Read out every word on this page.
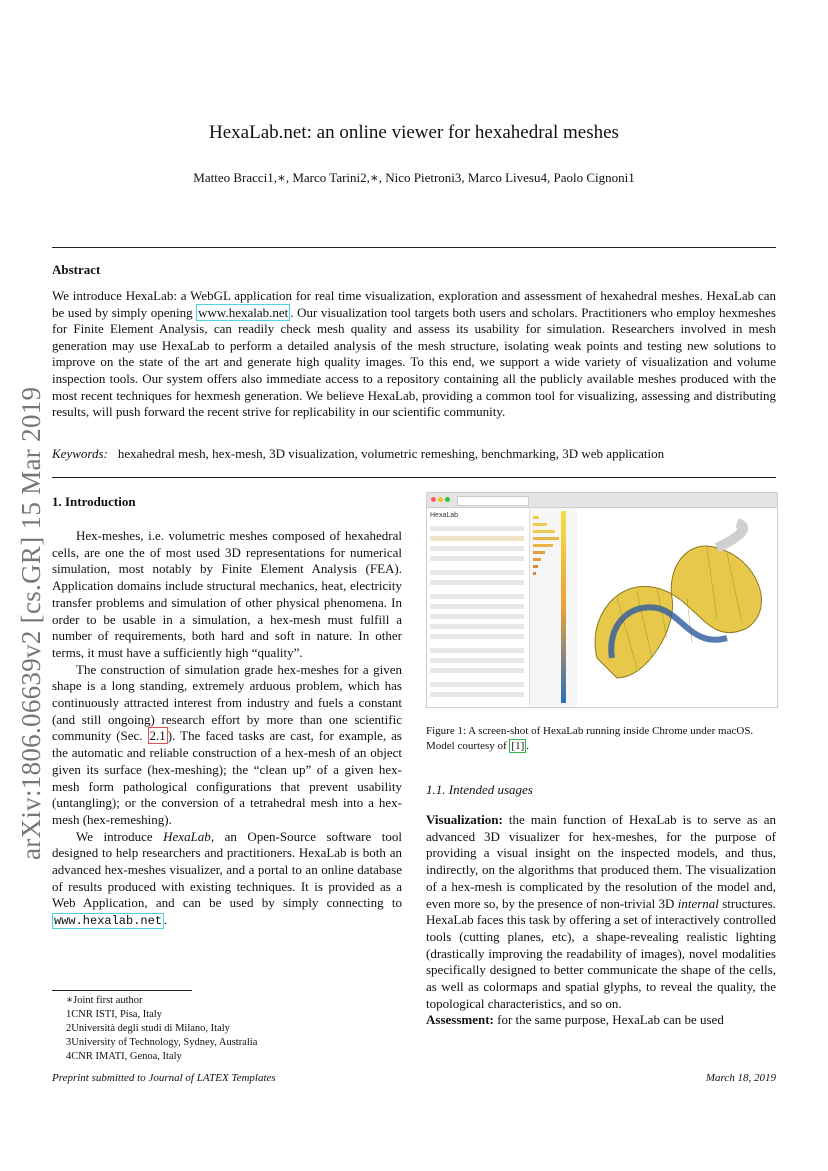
arXiv:1806.06639v2 [cs.GR] 15 Mar 2019
HexaLab.net: an online viewer for hexahedral meshes
Matteo Bracci1,∗, Marco Tarini2,∗, Nico Pietroni3, Marco Livesu4, Paolo Cignoni1
Abstract
We introduce HexaLab: a WebGL application for real time visualization, exploration and assessment of hexahedral meshes. HexaLab can be used by simply opening www.hexalab.net . Our visualization tool targets both users and scholars. Practitioners who employ hexmeshes for Finite Element Analysis, can readily check mesh quality and assess its usability for simulation. Researchers involved in mesh generation may use HexaLab to perform a detailed analysis of the mesh structure, isolating weak points and testing new solutions to improve on the state of the art and generate high quality images. To this end, we support a wide variety of visualization and volume inspection tools. Our system offers also immediate access to a repository containing all the publicly available meshes produced with the most recent techniques for hexmesh generation. We believe HexaLab, providing a common tool for visualizing, assessing and distributing results, will push forward the recent strive for replicability in our scientific community.
Keywords: hexahedral mesh, hex-mesh, 3D visualization, volumetric remeshing, benchmarking, 3D web application
1. Introduction

Hex-meshes, i.e. volumetric meshes composed of hexahedral cells, are one the of most used 3D representations for numerical simulation, most notably by Finite Element Analysis (FEA). Application domains include structural mechanics, heat, electricity transfer problems and simulation of other physical phenomena. In order to be usable in a simulation, a hex-mesh must fulfill a number of requirements, both hard and soft in nature. In other terms, it must have a sufficiently high “quality”.

The construction of simulation grade hex-meshes for a given shape is a long standing, extremely arduous problem, which has continuously attracted interest from industry and fuels a constant (and still ongoing) research effort by more than one scientific community (Sec. 2.1 ). The faced tasks are cast, for example, as the automatic and reliable construction of a hex-mesh of an object given its surface (hex-meshing); the “clean up” of a given hex-mesh form pathological configurations that prevent usability (untangling); or the conversion of a tetrahedral mesh into a hex-mesh (hex-remeshing).

We introduce HexaLab, an Open-Source software tool designed to help researchers and practitioners. HexaLab is both an advanced hex-meshes visualizer, and a portal to an online database of results produced with existing techniques. It is provided as a Web Application, and can be used by simply connecting to www.hexalab.net .

∗Joint first author
1CNR ISTI, Pisa, Italy
2Università degli studi di Milano, Italy
3University of Technology, Sydney, Australia
4CNR IMATI, Genoa, Italy
HexaLab
Figure 1: A screen-shot of HexaLab running inside Chrome under macOS. Model courtesy of [1] .
1.1. Intended usages

Visualization: the main function of HexaLab is to serve as an advanced 3D visualizer for hex-meshes, for the purpose of providing a visual insight on the inspected models, and thus, indirectly, on the algorithms that produced them. The visualization of a hex-mesh is complicated by the resolution of the model and, even more so, by the presence of non-trivial 3D internal structures. HexaLab faces this task by offering a set of interactively controlled tools (cutting planes, etc), a shape-revealing realistic lighting (drastically improving the readability of images), novel modalities specifically designed to better communicate the shape of the cells, as well as colormaps and spatial glyphs, to reveal the quality, the topological characteristics, and so on.

Assessment: for the same purpose, HexaLab can be used

Preprint submitted to Journal of LATEX Templates	March 18, 2019
